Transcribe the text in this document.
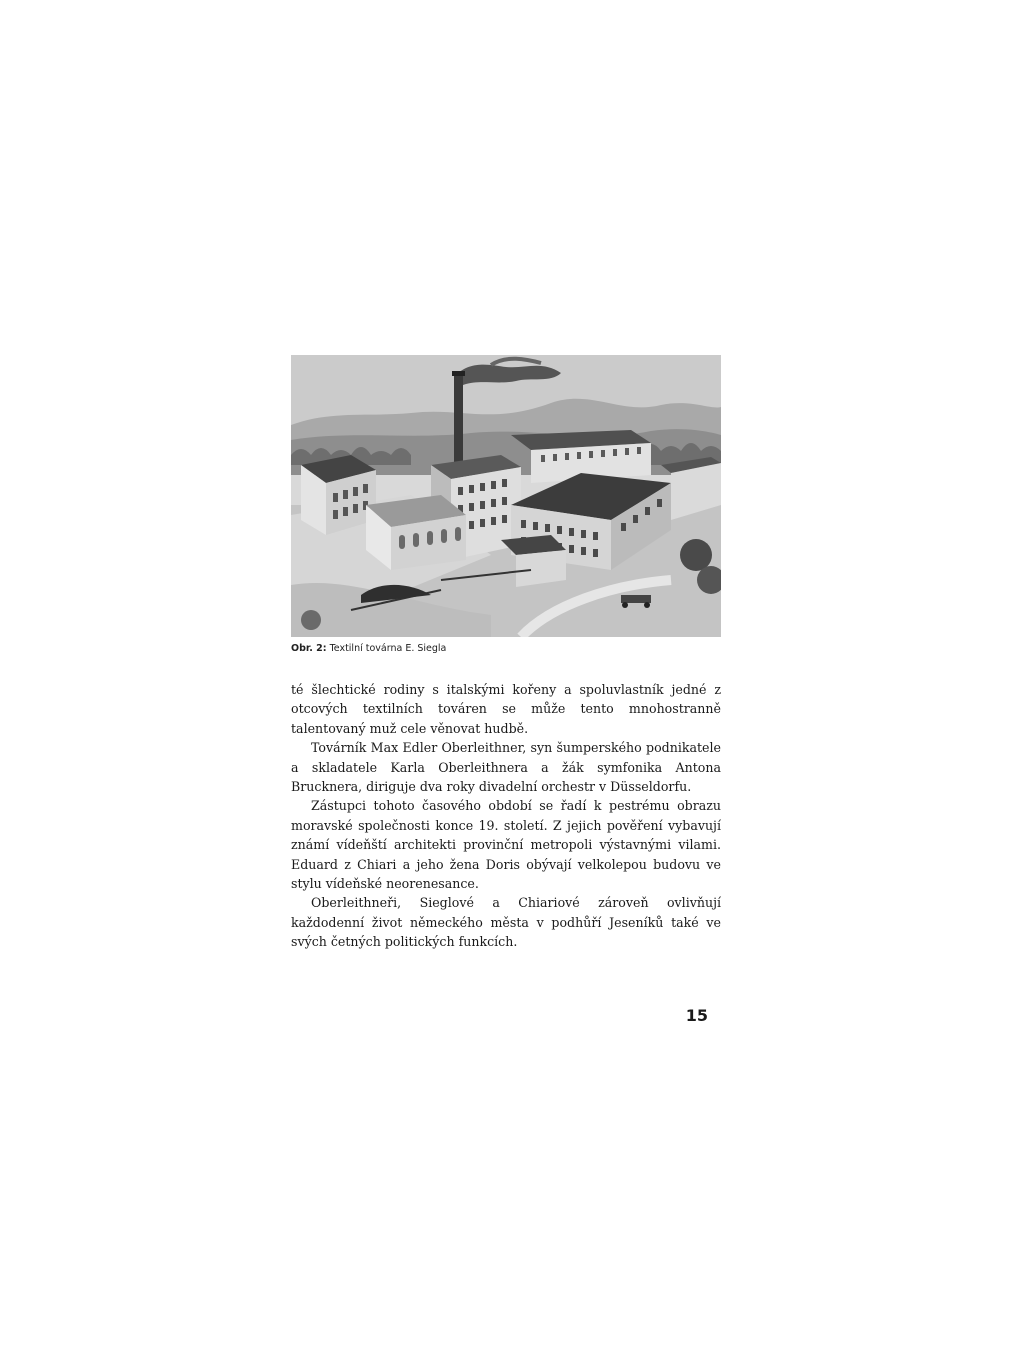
Obr. 2: Textilní továrna E. Siegla

té šlechtické rodiny s italskými kořeny a spoluvlastník jedné z otcových textilních továren se může tento mnohostranně talentovaný muž cele věnovat hudbě.

Továrník Max Edler Oberleithner, syn šumperského podnikatele a skladatele Karla Oberleithnera a žák symfonika Antona Brucknera, diriguje dva roky divadelní orchestr v Düsseldorfu.

Zástupci tohoto časového období se řadí k pestrému obrazu moravské společnosti konce 19. století. Z jejich pověření vybavují známí vídeňští architekti provinční metropoli výstavnými vilami. Eduard z Chiari a jeho žena Doris obývají velkolepou budovu ve stylu vídeňské neorenesance.

Oberleithneři, Sieglové a Chiariové zároveň ovlivňují každodenní život německého města v podhůří Jeseníků také ve svých četných politických funkcích.

15
